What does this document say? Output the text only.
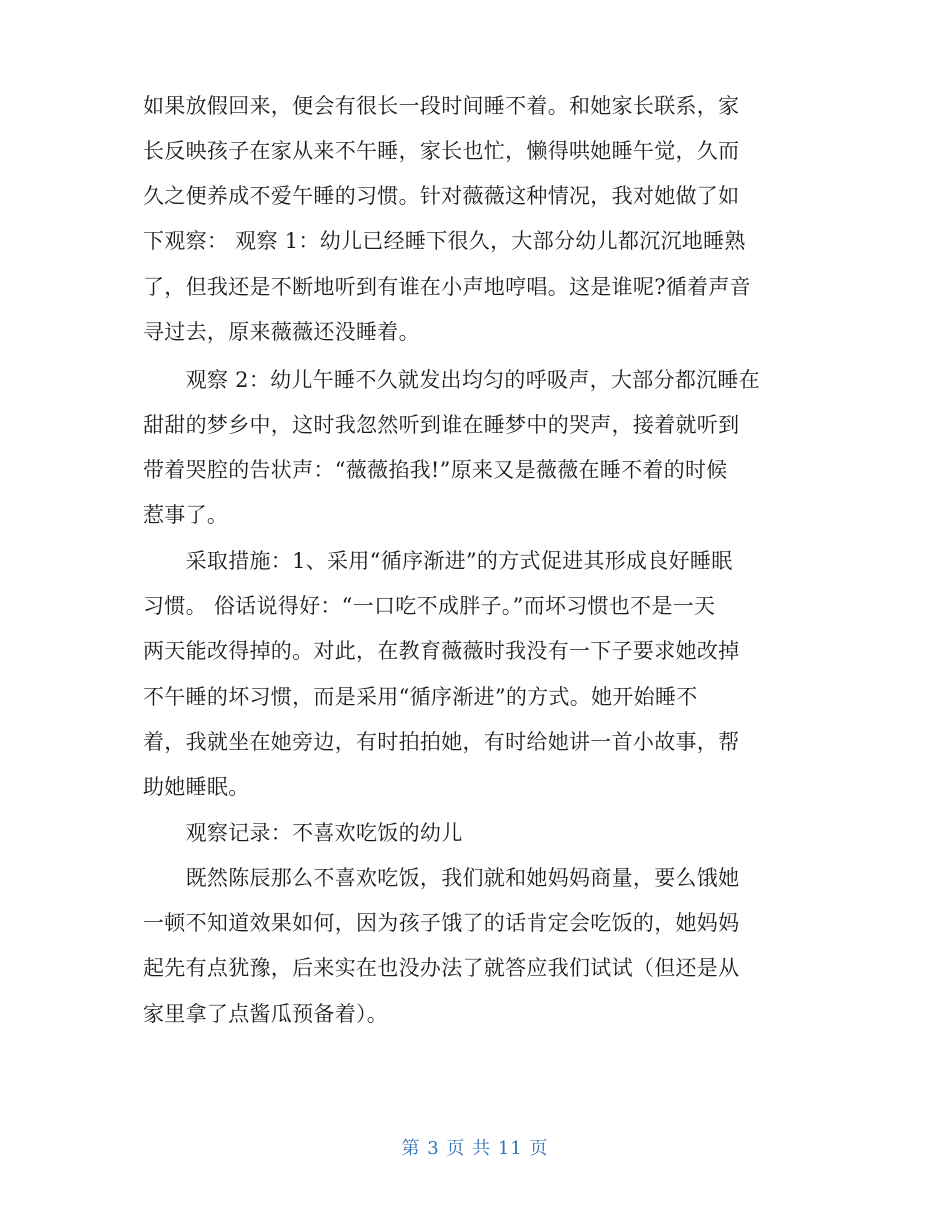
如果放假回来，便会有很长一段时间睡不着。和她家长联系，家
长反映孩子在家从来不午睡，家长也忙，懒得哄她睡午觉，久而
久之便养成不爱午睡的习惯。针对薇薇这种情况，我对她做了如
下观察： 观察 1：幼儿已经睡下很久，大部分幼儿都沉沉地睡熟
了，但我还是不断地听到有谁在小声地哼唱。这是谁呢?循着声音
寻过去，原来薇薇还没睡着。
　　观察 2：幼儿午睡不久就发出均匀的呼吸声，大部分都沉睡在
甜甜的梦乡中，这时我忽然听到谁在睡梦中的哭声，接着就听到
带着哭腔的告状声：“薇薇掐我!”原来又是薇薇在睡不着的时候
惹事了。
　　采取措施：1、采用“循序渐进”的方式促进其形成良好睡眠
习惯。 俗话说得好：“一口吃不成胖子。”而坏习惯也不是一天
两天能改得掉的。对此，在教育薇薇时我没有一下子要求她改掉
不午睡的坏习惯，而是采用“循序渐进”的方式。她开始睡不
着，我就坐在她旁边，有时拍拍她，有时给她讲一首小故事，帮
助她睡眠。
　　观察记录：不喜欢吃饭的幼儿
　　既然陈辰那么不喜欢吃饭，我们就和她妈妈商量，要么饿她
一顿不知道效果如何，因为孩子饿了的话肯定会吃饭的，她妈妈
起先有点犹豫，后来实在也没办法了就答应我们试试（但还是从
家里拿了点酱瓜预备着）。
第 3 页 共 11 页
